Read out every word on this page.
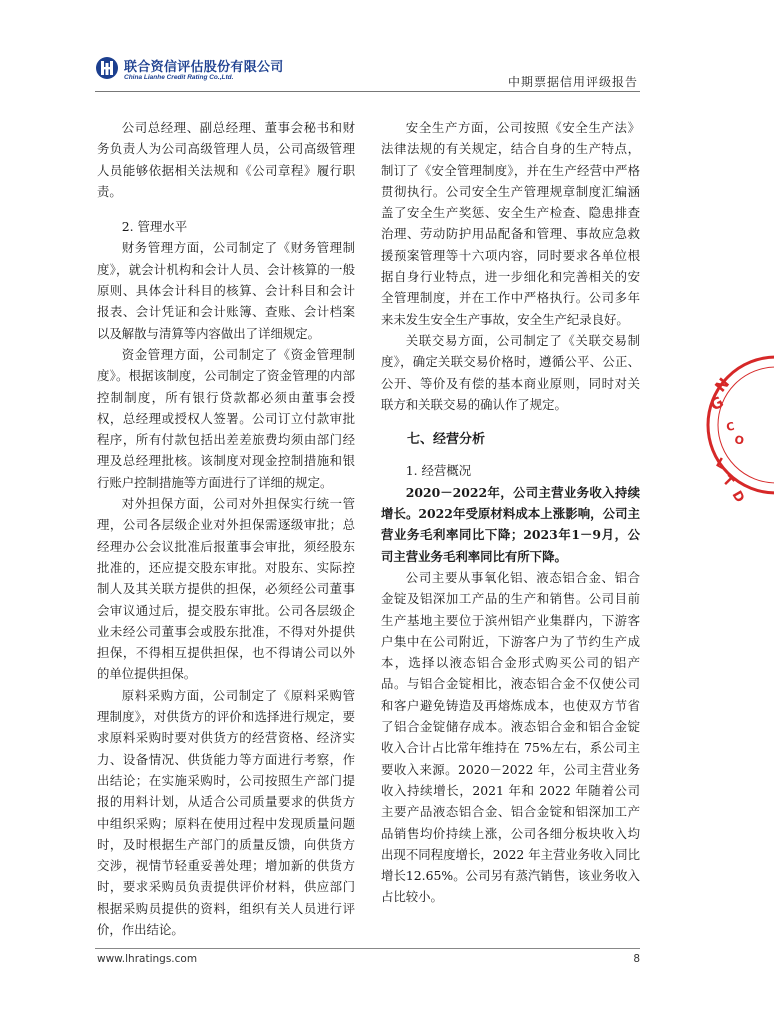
联合资信评估股份有限公司
China Lianhe Credit Rating Co.,Ltd.	中期票据信用评级报告

公司总经理、副总经理、董事会秘书和财务负责人为公司高级管理人员，公司高级管理人员能够依据相关法规和《公司章程》履行职责。

2. 管理水平

财务管理方面，公司制定了《财务管理制度》，就会计机构和会计人员、会计核算的一般原则、具体会计科目的核算、会计科目和会计报表、会计凭证和会计账簿、查账、会计档案以及解散与清算等内容做出了详细规定。

资金管理方面，公司制定了《资金管理制度》。根据该制度，公司制定了资金管理的内部控制制度，所有银行贷款都必须由董事会授权，总经理或授权人签署。公司订立付款审批程序，所有付款包括出差差旅费均须由部门经理及总经理批核。该制度对现金控制措施和银行账户控制措施等方面进行了详细的规定。

对外担保方面，公司对外担保实行统一管理，公司各层级企业对外担保需逐级审批；总经理办公会议批准后报董事会审批，须经股东批准的，还应提交股东审批。对股东、实际控制人及其关联方提供的担保，必须经公司董事会审议通过后，提交股东审批。公司各层级企业未经公司董事会或股东批准，不得对外提供担保，不得相互提供担保，也不得请公司以外的单位提供担保。

原料采购方面，公司制定了《原料采购管理制度》，对供货方的评价和选择进行规定，要求原料采购时要对供货方的经营资格、经济实力、设备情况、供货能力等方面进行考察，作出结论；在实施采购时，公司按照生产部门提报的用料计划，从适合公司质量要求的供货方中组织采购；原料在使用过程中发现质量问题时，及时根据生产部门的质量反馈，向供货方交涉，视情节轻重妥善处理；增加新的供货方时，要求采购员负责提供评价材料，供应部门根据采购员提供的资料，组织有关人员进行评价，作出结论。

安全生产方面，公司按照《安全生产法》法律法规的有关规定，结合自身的生产特点，制订了《安全管理制度》，并在生产经营中严格贯彻执行。公司安全生产管理规章制度汇编涵盖了安全生产奖惩、安全生产检查、隐患排查治理、劳动防护用品配备和管理、事故应急救援预案管理等十六项内容，同时要求各单位根据自身行业特点，进一步细化和完善相关的安全管理制度，并在工作中严格执行。公司多年来未发生安全生产事故，安全生产纪录良好。

关联交易方面，公司制定了《关联交易制度》，确定关联交易价格时，遵循公平、公正、公开、等价及有偿的基本商业原则，同时对关联方和关联交易的确认作了规定。

七、经营分析

1. 经营概况

2020－2022年，公司主营业务收入持续增长。2022年受原材料成本上涨影响，公司主营业务毛利率同比下降；2023年1－9月，公司主营业务毛利率同比有所下降。

公司主要从事氧化铝、液态铝合金、铝合金锭及铝深加工产品的生产和销售。公司目前生产基地主要位于滨州铝产业集群内，下游客户集中在公司附近，下游客户为了节约生产成本，选择以液态铝合金形式购买公司的铝产品。与铝合金锭相比，液态铝合金不仅使公司和客户避免铸造及再熔炼成本，也使双方节省了铝合金锭储存成本。液态铝合金和铝合金锭收入合计占比常年维持在 75%左右，系公司主要收入来源。2020－2022 年，公司主营业务收入持续增长，2021 年和 2022 年随着公司主要产品液态铝合金、铝合金锭和铝深加工产品销售均价持续上涨，公司各细分板块收入均出现不同程度增长，2022 年主营业务收入同比增长12.65%。公司另有蒸汽销售，该业务收入占比较小。

N
G
C
O
L
T
D
www.lhratings.com	8
